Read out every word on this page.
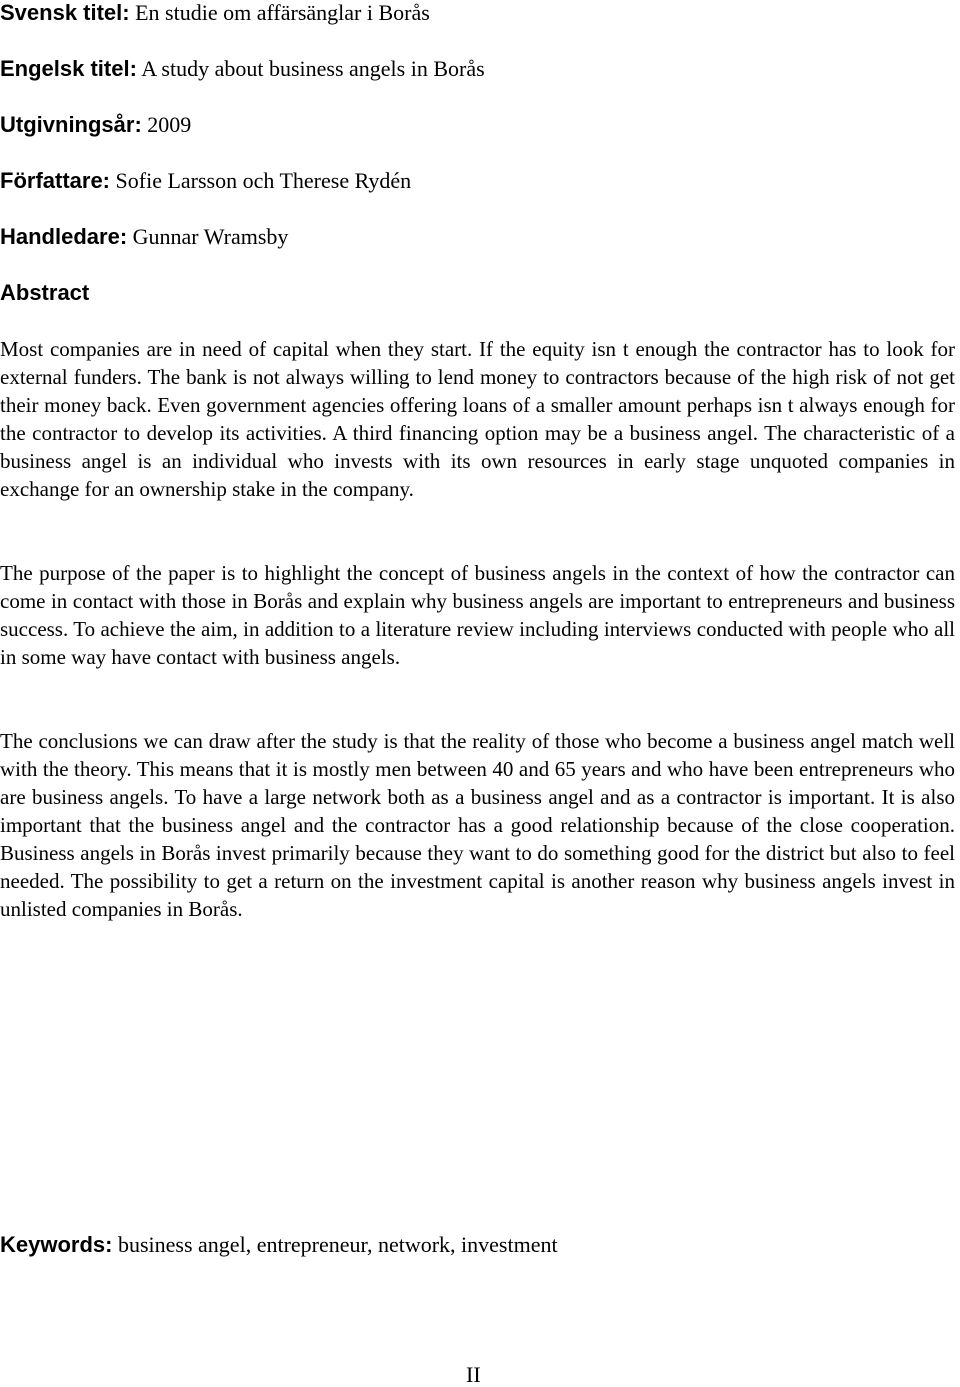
Svensk titel: En studie om affärsänglar i Borås

Engelsk titel: A study about business angels in Borås

Utgivningsår: 2009

Författare: Sofie Larsson och Therese Rydén

Handledare: Gunnar Wramsby

Abstract

Most companies are in need of capital when they start. If the equity isn t enough the contractor has to look for external funders. The bank is not always willing to lend money to contractors because of the high risk of not get their money back. Even government agencies offering loans of a smaller amount perhaps isn t always enough for the contractor to develop its activities. A third financing option may be a business angel. The characteristic of a business angel is an individual who invests with its own resources in early stage unquoted companies in exchange for an ownership stake in the company.

The purpose of the paper is to highlight the concept of business angels in the context of how the contractor can come in contact with those in Borås and explain why business angels are important to entrepreneurs and business success. To achieve the aim, in addition to a literature review including interviews conducted with people who all in some way have contact with business angels.

The conclusions we can draw after the study is that the reality of those who become a business angel match well with the theory. This means that it is mostly men between 40 and 65 years and who have been entrepreneurs who are business angels. To have a large network both as a business angel and as a contractor is important. It is also important that the business angel and the contractor has a good relationship because of the close cooperation. Business angels in Borås invest primarily because they want to do something good for the district but also to feel needed. The possibility to get a return on the investment capital is another reason why business angels invest in unlisted companies in Borås.

Keywords: business angel, entrepreneur, network, investment

II
